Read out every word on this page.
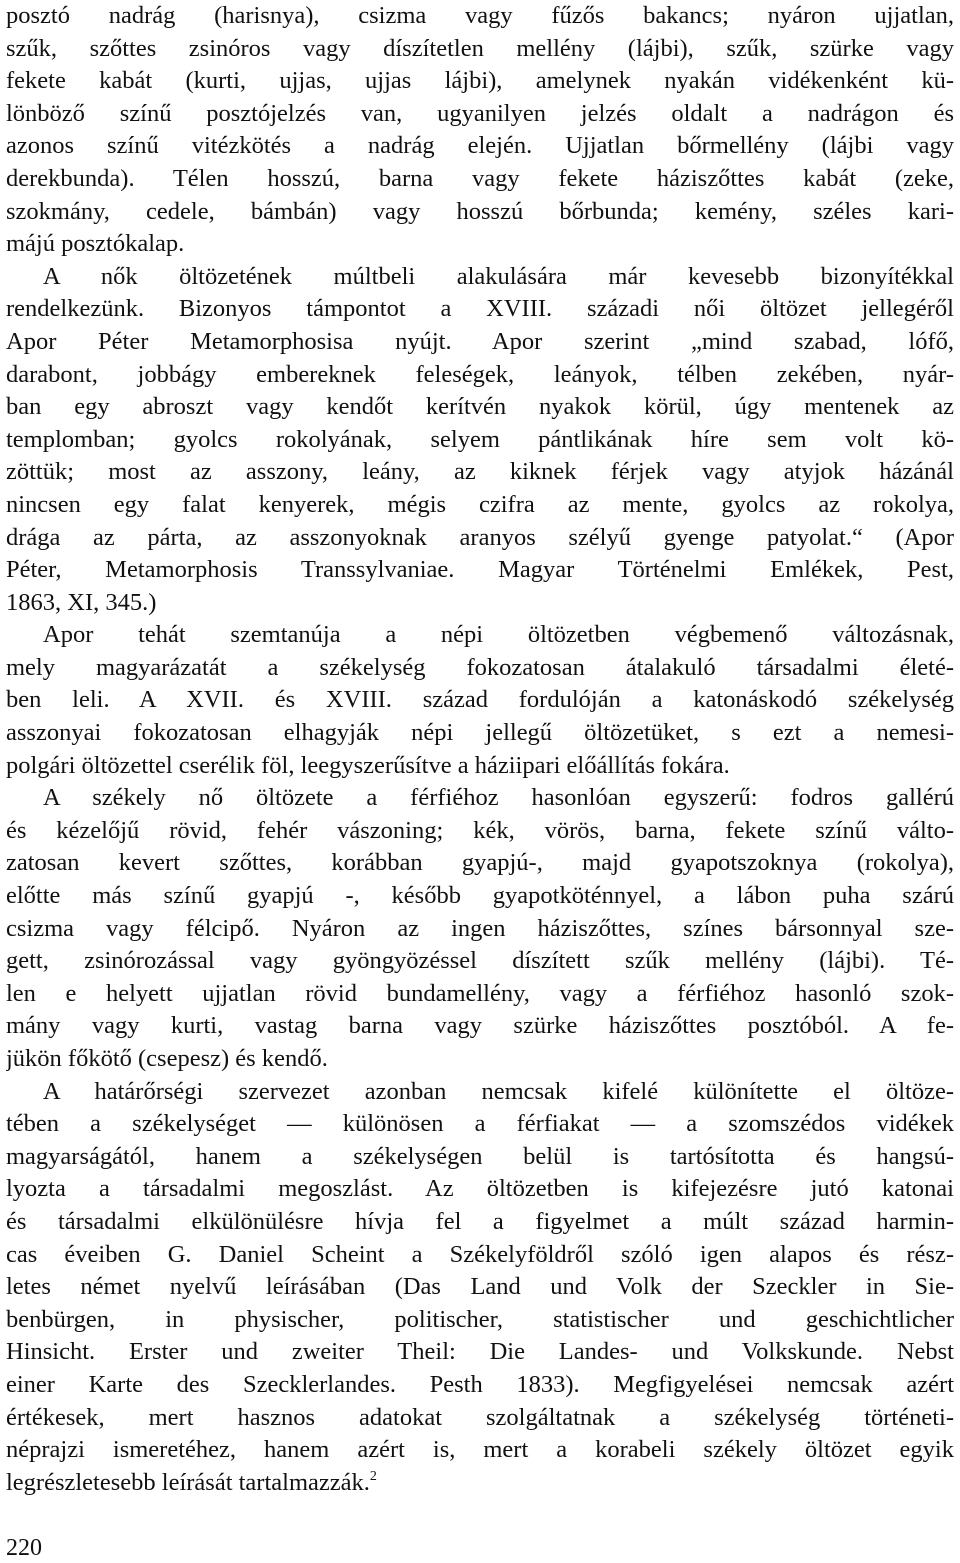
posztó nadrág (harisnya), csizma vagy fűzős bakancs; nyáron ujjatlan,
szűk, szőttes zsinóros vagy díszítetlen mellény (lájbi), szűk, szürke vagy
fekete kabát (kurti, ujjas, ujjas lájbi), amelynek nyakán vidékenként kü-
lönböző színű posztójelzés van, ugyanilyen jelzés oldalt a nadrágon és
azonos színű vitézkötés a nadrág elején. Ujjatlan bőrmellény (lájbi vagy
derekbunda). Télen hosszú, barna vagy fekete háziszőttes kabát (zeke,
szokmány, cedele, bámbán) vagy hosszú bőrbunda; kemény, széles kari-
májú posztókalap.
A nők öltözetének múltbeli alakulására már kevesebb bizonyítékkal
rendelkezünk. Bizonyos támpontot a XVIII. századi női öltözet jellegéről
Apor Péter Metamorphosisa nyújt. Apor szerint „mind szabad, lófő,
darabont, jobbágy embereknek feleségek, leányok, télben zekében, nyár-
ban egy abroszt vagy kendőt kerítvén nyakok körül, úgy mentenek az
templomban; gyolcs rokolyának, selyem pántlikának híre sem volt kö-
zöttük; most az asszony, leány, az kiknek férjek vagy atyjok házánál
nincsen egy falat kenyerek, mégis czifra az mente, gyolcs az rokolya,
drága az párta, az asszonyoknak aranyos szélyű gyenge patyolat.“ (Apor
Péter, Metamorphosis Transsylvaniae. Magyar Történelmi Emlékek, Pest,
1863, XI, 345.)
Apor tehát szemtanúja a népi öltözetben végbemenő változásnak,
mely magyarázatát a székelység fokozatosan átalakuló társadalmi életé-
ben leli. A XVII. és XVIII. század fordulóján a katonáskodó székelység
asszonyai fokozatosan elhagyják népi jellegű öltözetüket, s ezt a nemesi-
polgári öltözettel cserélik föl, leegyszerűsítve a háziipari előállítás fokára.
A székely nő öltözete a férfiéhoz hasonlóan egyszerű: fodros gallérú
és kézelőjű rövid, fehér vászoning; kék, vörös, barna, fekete színű válto-
zatosan kevert szőttes, korábban gyapjú-, majd gyapotszoknya (rokolya),
előtte más színű gyapjú -, később gyapotköténnyel, a lábon puha szárú
csizma vagy félcipő. Nyáron az ingen háziszőttes, színes bársonnyal sze-
gett, zsinórozással vagy gyöngyözéssel díszített szűk mellény (lájbi). Té-
len e helyett ujjatlan rövid bundamellény, vagy a férfiéhoz hasonló szok-
mány vagy kurti, vastag barna vagy szürke háziszőttes posztóból. A fe-
jükön főkötő (csepesz) és kendő.
A határőrségi szervezet azonban nemcsak kifelé különítette el öltöze-
tében a székelységet — különösen a férfiakat — a szomszédos vidékek
magyarságától, hanem a székelységen belül is tartósította és hangsú-
lyozta a társadalmi megoszlást. Az öltözetben is kifejezésre jutó katonai
és társadalmi elkülönülésre hívja fel a figyelmet a múlt század harmin-
cas éveiben G. Daniel Scheint a Székelyföldről szóló igen alapos és rész-
letes német nyelvű leírásában (Das Land und Volk der Szeckler in Sie-
benbürgen, in physischer, politischer, statistischer und geschichtlicher
Hinsicht. Erster und zweiter Theil: Die Landes- und Volkskunde. Nebst
einer Karte des Szecklerlandes. Pesth 1833). Megfigyelései nemcsak azért
értékesek, mert hasznos adatokat szolgáltatnak a székelység történeti-
néprajzi ismeretéhez, hanem azért is, mert a korabeli székely öltözet egyik
legrészletesebb leírását tartalmazzák.$^2$
220
